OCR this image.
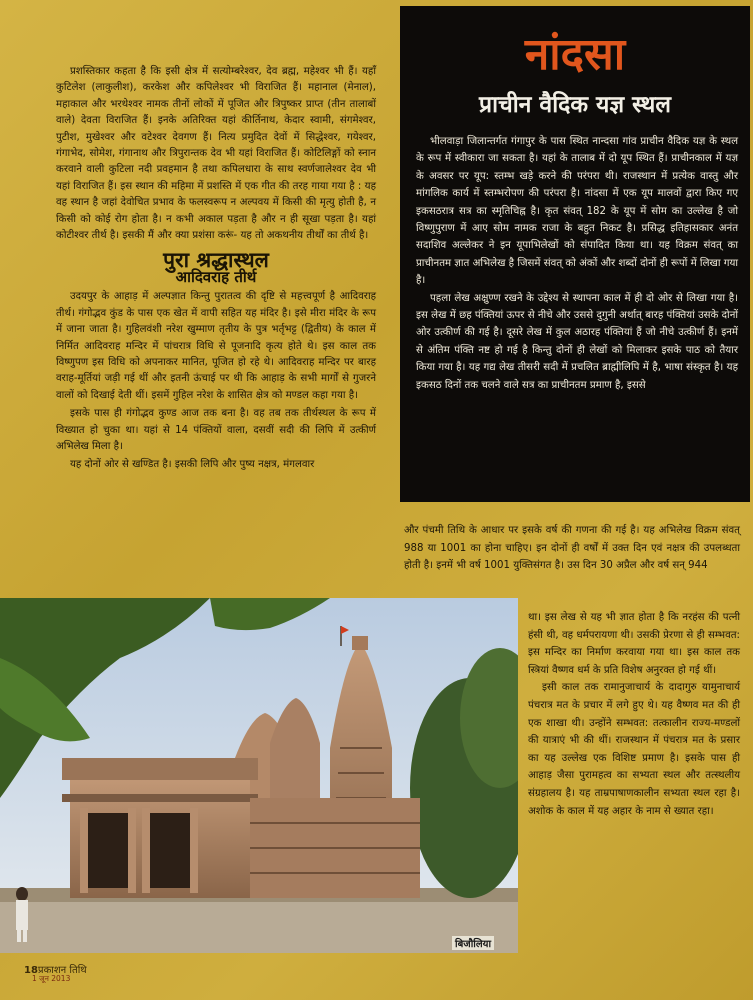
प्रशस्तिकार कहता है कि इसी क्षेत्र में सत्योम्बरेश्वर, देव ब्रह्म, महेश्वर भी हैं। यहाँ कुटिलेश (लाकुलीश), करकेश और कपिलेश्वर भी विराजित हैं। महानाल (मेनाल), महाकाल और भरथेश्वर नामक तीनों लोकों में पूजित और त्रिपुष्कर प्राप्त (तीन तालाबों वाले) देवता विराजित हैं। इनके अतिरिक्त यहां कीर्तिनाथ, केदार स्वामी, संगमेश्वर, पुटीश, मुखेश्वर और वटेश्वर देवगण हैं। नित्य प्रमुदित देवों में सिद्धेश्वर, गयेश्वर, गंगाभेद, सोमेश, गंगानाथ और त्रिपुरान्तक देव भी यहां विराजित हैं। कोटिलिङ्गों को स्नान करवाने वाली कुटिला नदी प्रवहमान है तथा कपिलधारा के साथ स्वर्णजालेश्वर देव भी यहां विराजित हैं। इस स्थान की महिमा में प्रशस्ति में एक गीत की तरह गाया गया है : यह वह स्थान है जहां देवोचित प्रभाव के फलस्वरूप न अल्पवय में किसी की मृत्यु होती है, न किसी को कोई रोग होता है। न कभी अकाल पड़ता है और न ही सूखा पड़ता है। यहां कोटीश्वर तीर्थ है। इसकी मैं और क्या प्रशंसा करूं- यह तो अकथनीय तीर्थों का तीर्थ है।

पुरा श्रद्धास्थल
आदिवराह तीर्थ

उदयपुर के आहाड़ में अल्पज्ञात किन्तु पुरातत्व की दृष्टि से महत्त्वपूर्ण है आदिवराह तीर्थ। गंगोद्भव कुंड के पास एक खेत में वापी सहित यह मंदिर है। इसे मीरा मंदिर के रूप में जाना जाता है। गुहिलवंशी नरेश खुम्माण तृतीय के पुत्र भर्तृभट्ट (द्वितीय) के काल में निर्मित आदिवराह मन्दिर में पांचरात्र विधि से पूजनादि कृत्य होते थे। इस काल तक विष्णुपण इस विधि को अपनाकर मानित, पूजित हो रहे थे। आदिवराह मन्दिर पर बारह वराह-मूर्तियां जड़ी गई थीं और इतनी ऊंचाई पर थी कि आहाड़ के सभी मार्गों से गुजरने वालों को दिखाई देती थीं। इसमें गुहिल नरेश के शासित क्षेत्र को मण्डल कहा गया है।

इसके पास ही गंगोद्भव कुण्ड आज तक बना है। वह तब तक तीर्थस्थल के रूप में विख्यात हो चुका था। यहां से 14 पंक्तियों वाला, दसवीं सदी की लिपि में उत्कीर्ण अभिलेख मिला है।

यह दोनों ओर से खण्डित है। इसकी लिपि और पुष्य नक्षत्र, मंगलवार

नांदसा
प्राचीन वैदिक यज्ञ स्थल

भीलवाड़ा जिलान्तर्गत गंगापुर के पास स्थित नान्दसा गांव प्राचीन वैदिक यज्ञ के स्थल के रूप में स्वीकारा जा सकता है। यहां के तालाब में दो यूप स्थित हैं। प्राचीनकाल में यज्ञ के अवसर पर यूप: स्तम्भ खड़े करने की परंपरा थी। राजस्थान में प्रत्येक वास्तु और मांगलिक कार्य में स्तम्भरोपण की परंपरा है। नांदसा में एक यूप मालवों द्वारा किए गए इकसठरात्र सत्र का स्मृतिचिह्न है। कृत संवत् 182 के यूप में सोम का उल्लेख है जो विष्णुपुराण में आए सोम नामक राजा के बहुत निकट है। प्रसिद्ध इतिहासकार अनंत सदाशिव अल्लेकर ने इन यूपाभिलेखों को संपादित किया था। यह विक्रम संवत् का प्राचीनतम ज्ञात अभिलेख है जिसमें संवत् को अंकों और शब्दों दोनों ही रूपों में लिखा गया है।

पहला लेख अक्षुण्ण रखने के उद्देश्य से स्थापना काल में ही दो ओर से लिखा गया है। इस लेख में छह पंक्तियां ऊपर से नीचे और उससे दुगुनी अर्थात् बारह पंक्तियां उसके दोनों ओर उत्कीर्ण की गई है। दूसरे लेख में कुल अठारह पंक्तियां हैं जो नीचे उत्कीर्ण हैं। इनमें से अंतिम पंक्ति नष्ट हो गई है किन्तु दोनों ही लेखों को मिलाकर इसके पाठ को तैयार किया गया है। यह गद्य लेख तीसरी सदी में प्रचलित ब्राह्मीलिपि में है, भाषा संस्कृत है। यह इकसठ दिनों तक चलने वाले सत्र का प्राचीनतम प्रमाण है, इससे

और पंचमी तिथि के आधार पर इसके वर्ष की गणना की गई है। यह अभिलेख विक्रम संवत् 988 या 1001 का होना चाहिए। इन दोनों ही वर्षों में उक्त दिन एवं नक्षत्र की उपलब्धता होती है। इनमें भी वर्ष 1001 युक्तिसंगत है। उस दिन 30 अप्रैल और वर्ष सन् 944

था। इस लेख से यह भी ज्ञात होता है कि नरहंस की पत्नी हंसी थी, वह धर्मपरायणा थी। उसकी प्रेरणा से ही सम्भवत: इस मन्दिर का निर्माण करवाया गया था। इस काल तक स्त्रियां वैष्णव धर्म के प्रति विशेष अनुरक्त हो गई थीं।

इसी काल तक रामानुजाचार्य के दादागुरु यामुनाचार्य पंचरात्र मत के प्रचार में लगे हुए थे। यह वैष्णव मत की ही एक शाखा थी। उन्होंने सम्भवत: तत्कालीन राज्य-मण्डलों की यात्राएं भी की थीं। राजस्थान में पंचरात्र मत के प्रसार का यह उल्लेख एक विशिष्ट प्रमाण है। इसके पास ही आहाड़ जैसा पुरामहत्व का सभ्यता स्थल और तत्स्थलीय संग्रहालय है। यह ताम्रपाषाणकालीन सभ्यता स्थल रहा है। अशोक के काल में यह अहार के नाम से ख्यात रहा।

बिजौलिया
18प्रकाशन तिथि
1 जून 2013
